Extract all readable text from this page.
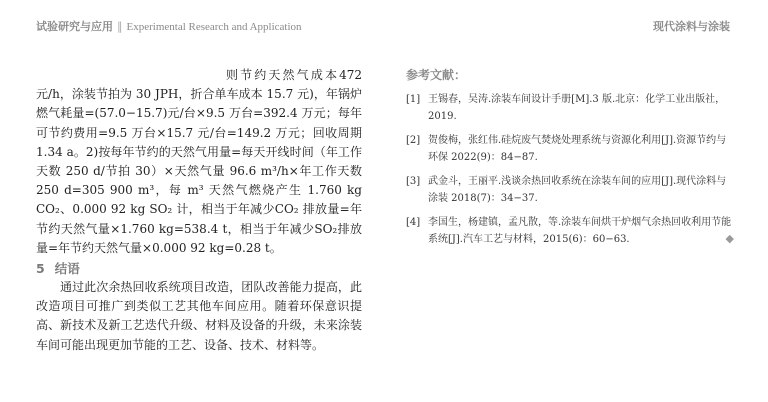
试验研究与应用 ‖ Experimental Research and Application	现代涂料与涂装

则节约天然气成本472 元/h，涂装节拍为 30 JPH，折合单车成本 15.7 元)，年锅炉燃气耗量=(57.0−15.7)元/台×9.5 万台=392.4 万元；每年可节约费用=9.5 万台×15.7 元/台=149.2 万元；回收周期 1.34 a。2)按每年节约的天然气用量=每天开线时间（年工作天数 250 d/节拍 30）×天然气量 96.6 m³/h×年工作天数 250 d=305 900 m³，每 m³ 天然气燃烧产生 1.760 kg CO₂、0.000 92 kg SO₂ 计，相当于年减少CO₂ 排放量=年节约天然气量×1.760 kg=538.4 t，相当于年减少SO₂排放量=年节约天然气量×0.000 92 kg=0.28 t。

5 结语

通过此次余热回收系统项目改造，团队改善能力提高，此改造项目可推广到类似工艺其他车间应用。随着环保意识提高、新技术及新工艺迭代升级、材料及设备的升级，未来涂装车间可能出现更加节能的工艺、设备、技术、材料等。

参考文献：
[1] 王锡春，吴涛.涂装车间设计手册[M].3 版.北京：化学工业出版社，2019.
[2] 贺俊梅，张红伟.硅烷废气焚烧处理系统与资源化利用[J].资源节约与环保 2022(9)：84−87.
[3] 武金斗，王丽平.浅谈余热回收系统在涂装车间的应用[J].现代涂料与涂装 2018(7)：34−37.
[4] 李国生，杨建镇，孟凡散，等.涂装车间烘干炉烟气余热回收利用节能系统[J].汽车工艺与材料，2015(6)：60−63.	◆
